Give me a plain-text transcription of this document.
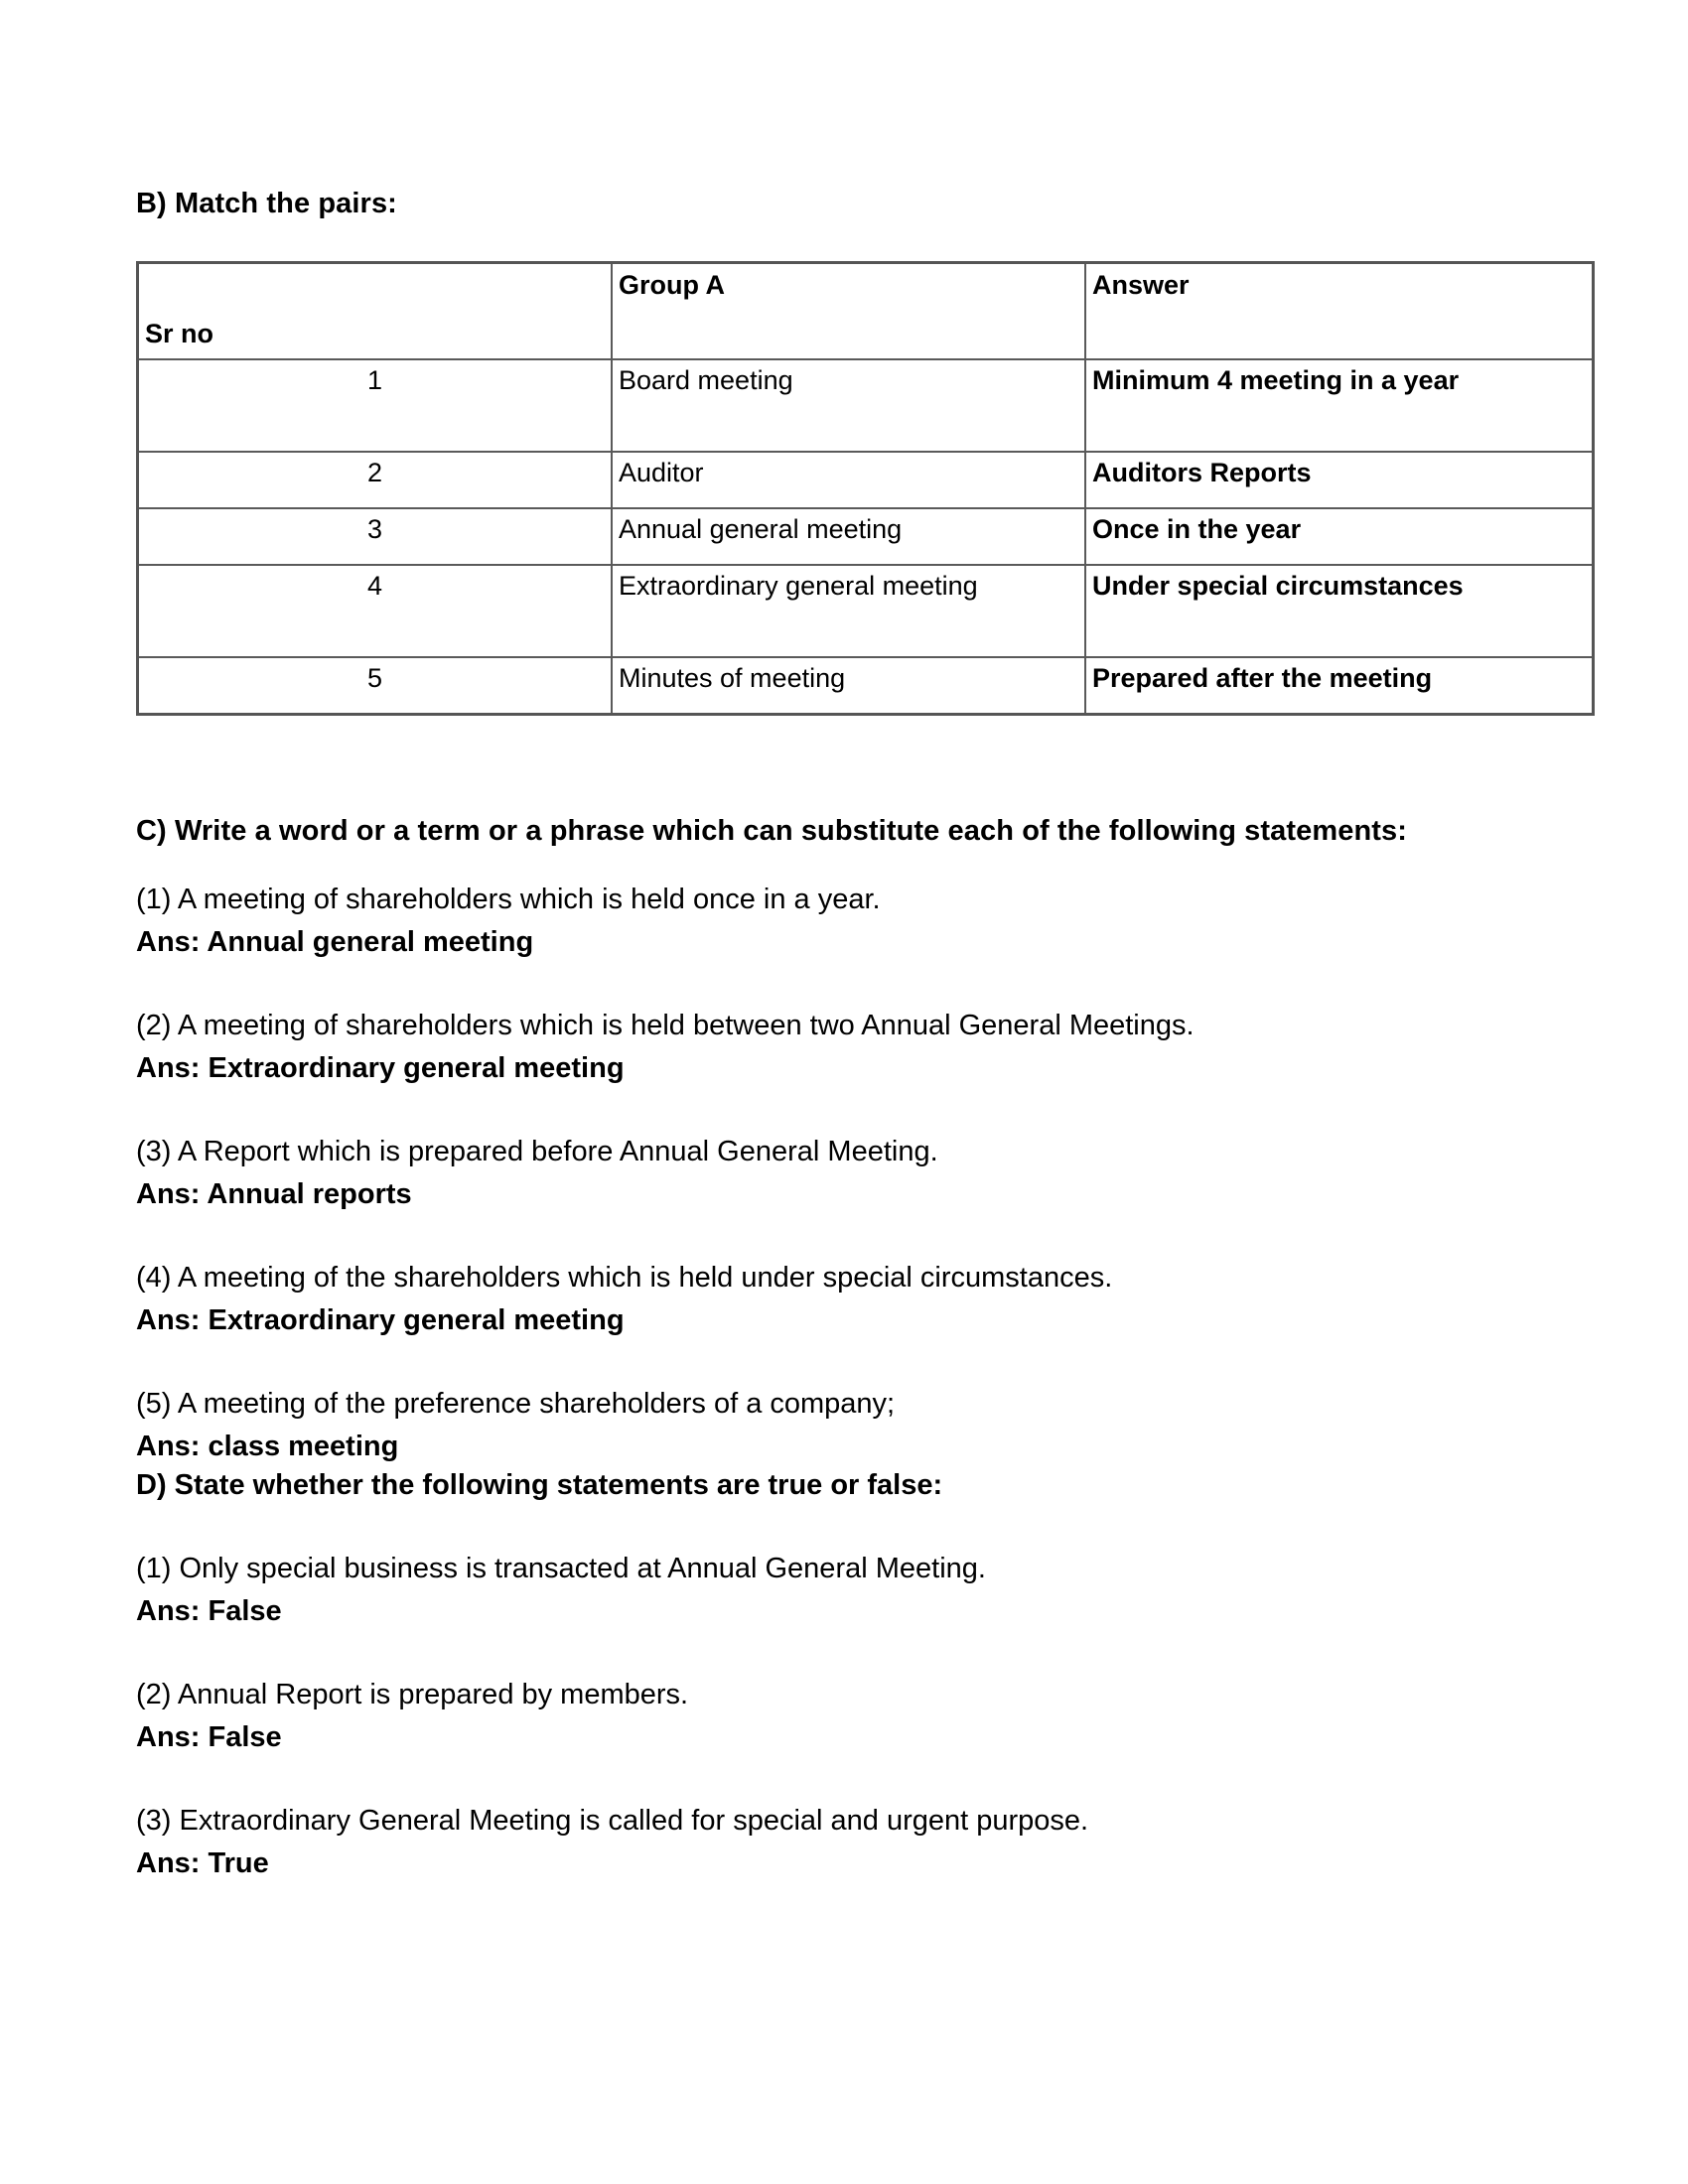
B) Match the pairs:
Sr no	Group A	Answer
1	Board meeting	Minimum 4 meeting in a year
2	Auditor	Auditors Reports
3	Annual general meeting	Once in the year
4	Extraordinary general meeting	Under special circumstances
5	Minutes of meeting	Prepared after the meeting
C) Write a word or a term or a phrase which can substitute each of the following statements:

(1) A meeting of shareholders which is held once in a year.

Ans: Annual general meeting

(2) A meeting of shareholders which is held between two Annual General Meetings.

Ans: Extraordinary general meeting

(3) A Report which is prepared before Annual General Meeting.

Ans: Annual reports

(4) A meeting of the shareholders which is held under special circumstances.

Ans: Extraordinary general meeting

(5) A meeting of the preference shareholders of a company;

Ans: class meeting

D) State whether the following statements are true or false:

(1) Only special business is transacted at Annual General Meeting.

Ans: False

(2) Annual Report is prepared by members.

Ans: False

(3) Extraordinary General Meeting is called for special and urgent purpose.

Ans: True
